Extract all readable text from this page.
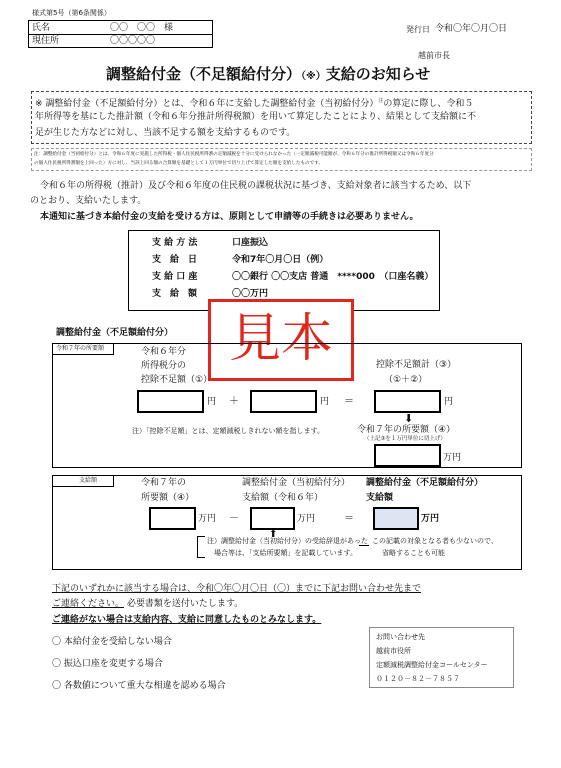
様式第5号（第6条関係）
氏名	〇〇　〇〇　様
現住所	〇〇〇〇〇
発行日 令和〇年〇月〇日
越前市長
調整給付金（不足額給付分）（※）支給のお知らせ
※ 調整給付金（不足額給付分）とは、令和６年に支給した調整給付金（当初給付分）$^注$の算定に際し、令和５
年所得等を基にした推計額（令和６年分推計所得税額）を用いて算定したことにより、結果として支給額に不
足が生じた方などに対し、当該不足する額を支給するものです。
注：調整給付金（当初給付分）とは、令和６年度に実施した所得税・個人住民税所得割の定額減税を十分に受けられなかった（一定額減税可能額が、令和６年分の推計所得税額又は令和６年度分
の個人住民税所得割額を上回った）方に対し、当該上回る額の合算額を基礎として１万円単位で切り上げて算定した額を支給したものです。
令和６年の所得税（推計）及び令和６年度の住民税の課税状況に基づき、支給対象者に該当するため、以下
のとおり、支給いたします。
本通知に基づき本給付金の支給を受ける方は、原則として申請等の手続きは必要ありません。
支 給 方 法	口座振込
支　給　日	令和7年〇月〇日（例）
支 給 口 座	〇〇銀行 〇〇支店 普通　****000　（口座名義）
支　給　額	〇〇万円
見本
調整給付金（不足額給付分）
令和７年の所要額	令和６年分
所得税分の
控除不足額（①）
控除不足額計（③）
（①＋②）
円 ＋	円 ＝	円
⬇
注）「控除不足額」とは、定額減税しきれない額を指します。	令和７年の所要額（④）
（上記③を１万円単位に切上げ）
万円
支給額	令和７年の
所要額（④）
調整給付金（当初給付分）
支給額（令和６年）
調整給付金（不足額給付分）
支給額
万円 －	万円	＝	万円
⬆
注）調整給付金（当初給付分）の受給辞退があった
場合等は、「支給所要額」を記載しています。
この記載の対象となる者も少ないので、
省略することも可能
下記のいずれかに該当する場合は、令和〇年〇月〇日（〇）までに下記お問い合わせ先まで
ご連絡ください。 必要書類を送付いたします。
ご連絡がない場合は支給内容、支給に同意したものとみなします。
〇 本給付金を受給しない場合
〇 振込口座を変更する場合
〇 各数値について重大な相違を認める場合
お問い合わせ先
越前市役所
定額減税調整給付金コールセンター
０１２０－８２－７８５７
